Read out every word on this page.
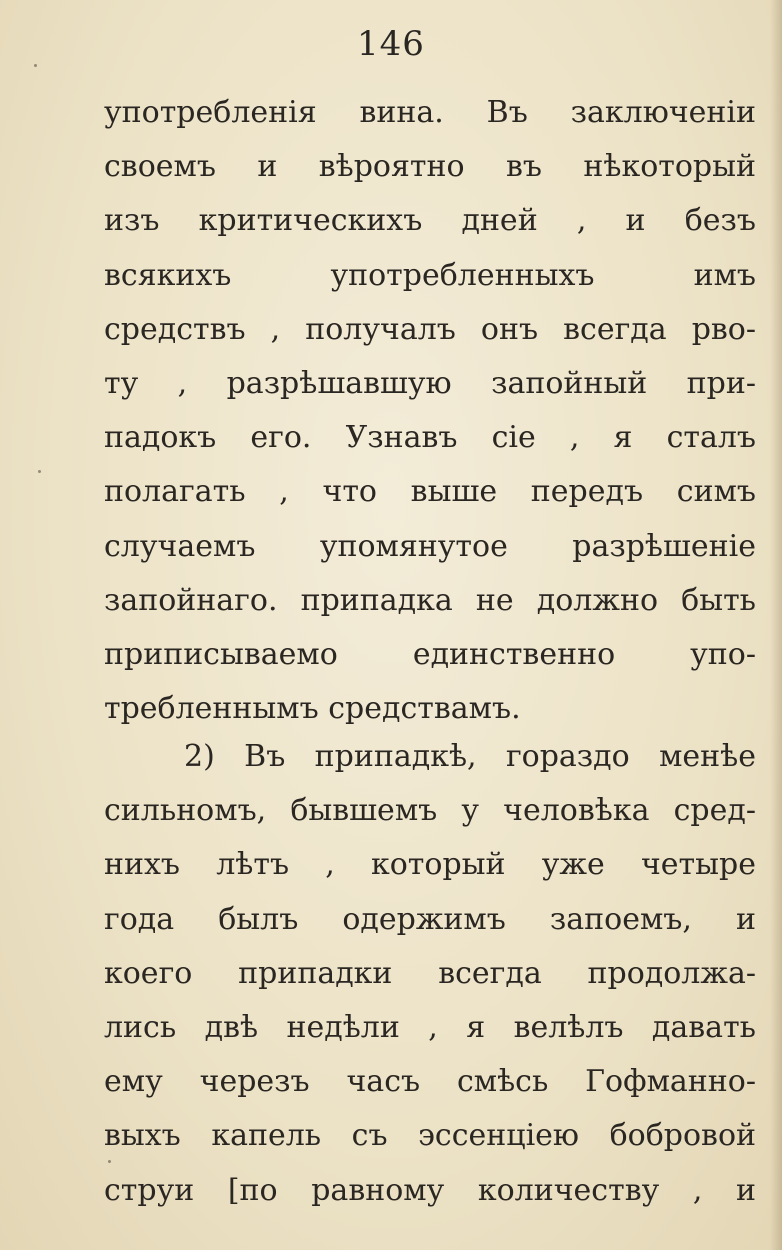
146
употребленія вина. Въ заключеніи
своемъ и вѣроятно въ нѣкоторый
изъ критическихъ дней , и безъ
всякихъ употребленныхъ имъ
средствъ , получалъ онъ всегда рво-
ту , разрѣшавшую запойный при-
падокъ его. Узнавъ сіе , я сталъ
полагать , что выше передъ симъ
случаемъ упомянутое разрѣшеніе
запойнаго. припадка не должно быть
приписываемо единственно упо-
требленнымъ средствамъ.
2) Въ припадкѣ, гораздо менѣе
сильномъ, бывшемъ у человѣка сред-
нихъ лѣтъ , который уже четыре
года былъ одержимъ запоемъ, и
коего припадки всегда продолжа-
лись двѣ недѣли , я велѣлъ давать
ему черезъ часъ смѣсь Гофманно-
выхъ капель съ эссенціею бобровой
струи [по равному количеству , и
